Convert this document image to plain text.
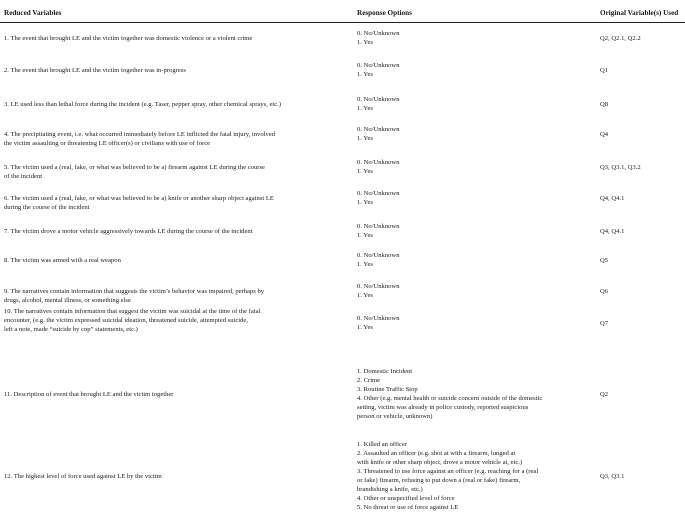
Reduced Variables	Response Options	Original Variable(s) Used
1. The event that brought LE and the victim together was domestic violence or a violent crime
0. No/Unknown
1. Yes
Q2, Q2.1, Q2.2
2. The event that brought LE and the victim together was in-progress
0. No/Unknown
1. Yes
Q1
3. LE used less than lethal force during the incident (e.g. Taser, pepper spray, other chemical sprays, etc.)
0. No/Unknown
1. Yes
Q8
4. The precipitating event, i.e. what occurred immediately before LE inflicted the fatal injury, involved
the victim assaulting or threatening LE officer(s) or civilians with use of force
0. No/Unknown
1. Yes
Q4
5. The victim used a (real, fake, or what was believed to be a) firearm against LE during the course
of the incident
0. No/Unknown
1. Yes
Q3, Q3.1, Q3.2
6. The victim used a (real, fake, or what was believed to be a) knife or another sharp object against LE
during the course of the incident
0. No/Unknown
1. Yes
Q4, Q4.1
7. The victim drove a motor vehicle aggressively towards LE during the course of the incident
0. No/Unknown
1. Yes
Q4, Q4.1
8. The victim was armed with a real weapon
0. No/Unknown
1. Yes
Q5
9. The narratives contain information that suggests the victim’s behavior was impaired, perhaps by
drugs, alcohol, mental illness, or something else
0. No/Unknown
1. Yes
Q6
10. The narratives contain information that suggest the victim was suicidal at the time of the fatal
encounter, (e.g. the victim expressed suicidal ideation, threatened suicide, attempted suicide,
left a note, made “suicide by cop” statements, etc.)
0. No/Unknown
1. Yes
Q7
11. Description of event that brought LE and the victim together
1. Domestic Incident
2. Crime
3. Routine Traffic Stop
4. Other (e.g. mental health or suicide concern outside of the domestic
setting, victim was already in police custody, reported suspicious
person or vehicle, unknown)
Q2
12. The highest level of force used against LE by the victim
1. Killed an officer
2. Assaulted an officer (e.g. shot at with a firearm, lunged at
with knife or other sharp object, drove a motor vehicle at, etc.)
3. Threatened to use force against an officer (e.g. reaching for a (real
or fake) firearm, refusing to put down a (real or fake) firearm,
brandishing a knife, etc.)
4. Other or unspecified level of force
5. No threat or use of force against LE
Q3, Q3.1
